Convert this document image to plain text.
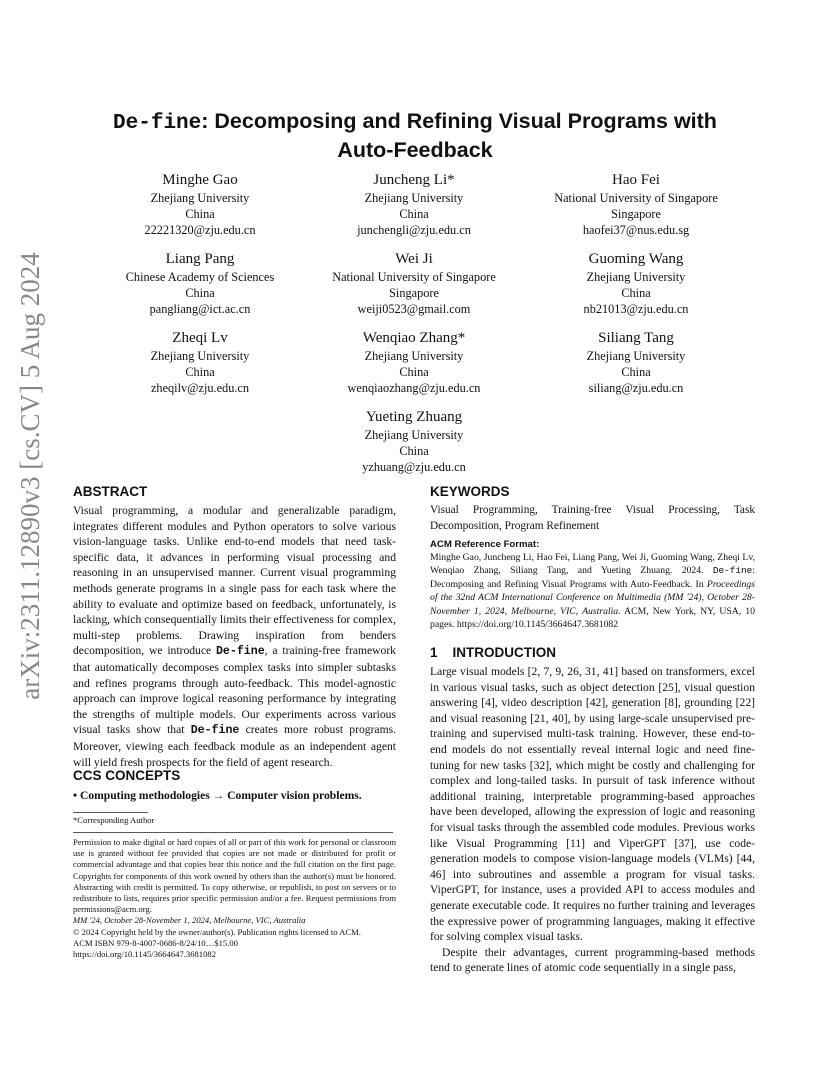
arXiv:2311.12890v3 [cs.CV] 5 Aug 2024
De-fine: Decomposing and Refining Visual Programs with
Auto-Feedback
Minghe Gao
Zhejiang University
China
22221320@zju.edu.cn
Juncheng Li*
Zhejiang University
China
junchengli@zju.edu.cn
Hao Fei
National University of Singapore
Singapore
haofei37@nus.edu.sg
Liang Pang
Chinese Academy of Sciences
China
pangliang@ict.ac.cn
Wei Ji
National University of Singapore
Singapore
weiji0523@gmail.com
Guoming Wang
Zhejiang University
China
nb21013@zju.edu.cn
Zheqi Lv
Zhejiang University
China
zheqilv@zju.edu.cn
Wenqiao Zhang*
Zhejiang University
China
wenqiaozhang@zju.edu.cn
Siliang Tang
Zhejiang University
China
siliang@zju.edu.cn
Yueting Zhuang
Zhejiang University
China
yzhuang@zju.edu.cn
ABSTRACT

Visual programming, a modular and generalizable paradigm, integrates different modules and Python operators to solve various vision-language tasks. Unlike end-to-end models that need task-specific data, it advances in performing visual processing and reasoning in an unsupervised manner. Current visual programming methods generate programs in a single pass for each task where the ability to evaluate and optimize based on feedback, unfortunately, is lacking, which consequentially limits their effectiveness for complex, multi-step problems. Drawing inspiration from benders decomposition, we introduce De-fine, a training-free framework that automatically decomposes complex tasks into simpler subtasks and refines programs through auto-feedback. This model-agnostic approach can improve logical reasoning performance by integrating the strengths of multiple models. Our experiments across various visual tasks show that De-fine creates more robust programs. Moreover, viewing each feedback module as an independent agent will yield fresh prospects for the field of agent research.

CCS CONCEPTS
• Computing methodologies → Computer vision problems.

*Corresponding Author

Permission to make digital or hard copies of all or part of this work for personal or classroom use is granted without fee provided that copies are not made or distributed for profit or commercial advantage and that copies bear this notice and the full citation on the first page. Copyrights for components of this work owned by others than the author(s) must be honored. Abstracting with credit is permitted. To copy otherwise, or republish, to post on servers or to redistribute to lists, requires prior specific permission and/or a fee. Request permissions from permissions@acm.org.

MM '24, October 28-November 1, 2024, Melbourne, VIC, Australia

© 2024 Copyright held by the owner/author(s). Publication rights licensed to ACM.

ACM ISBN 979-8-4007-0686-8/24/10…$15.00

https://doi.org/10.1145/3664647.3681082

KEYWORDS

Visual Programming, Training-free Visual Processing, Task Decomposition, Program Refinement

ACM Reference Format:

Minghe Gao, Juncheng Li, Hao Fei, Liang Pang, Wei Ji, Guoming Wang, Zheqi Lv, Wenqiao Zhang, Siliang Tang, and Yueting Zhuang. 2024. De-fine: Decomposing and Refining Visual Programs with Auto-Feedback. In Proceedings of the 32nd ACM International Conference on Multimedia (MM '24), October 28-November 1, 2024, Melbourne, VIC, Australia. ACM, New York, NY, USA, 10 pages. https://doi.org/10.1145/3664647.3681082

1    INTRODUCTION

Large visual models [2, 7, 9, 26, 31, 41] based on transformers, excel in various visual tasks, such as object detection [25], visual question answering [4], video description [42], generation [8], grounding [22] and visual reasoning [21, 40], by using large-scale unsupervised pre-training and supervised multi-task training. However, these end-to-end models do not essentially reveal internal logic and need fine-tuning for new tasks [32], which might be costly and challenging for complex and long-tailed tasks. In pursuit of task inference without additional training, interpretable programming-based approaches have been developed, allowing the expression of logic and reasoning for visual tasks through the assembled code modules. Previous works like Visual Programming [11] and ViperGPT [37], use code-generation models to compose vision-language models (VLMs) [44, 46] into subroutines and assemble a program for visual tasks. ViperGPT, for instance, uses a provided API to access modules and generate executable code. It requires no further training and leverages the expressive power of programming languages, making it effective for solving complex visual tasks.

Despite their advantages, current programming-based methods tend to generate lines of atomic code sequentially in a single pass,
